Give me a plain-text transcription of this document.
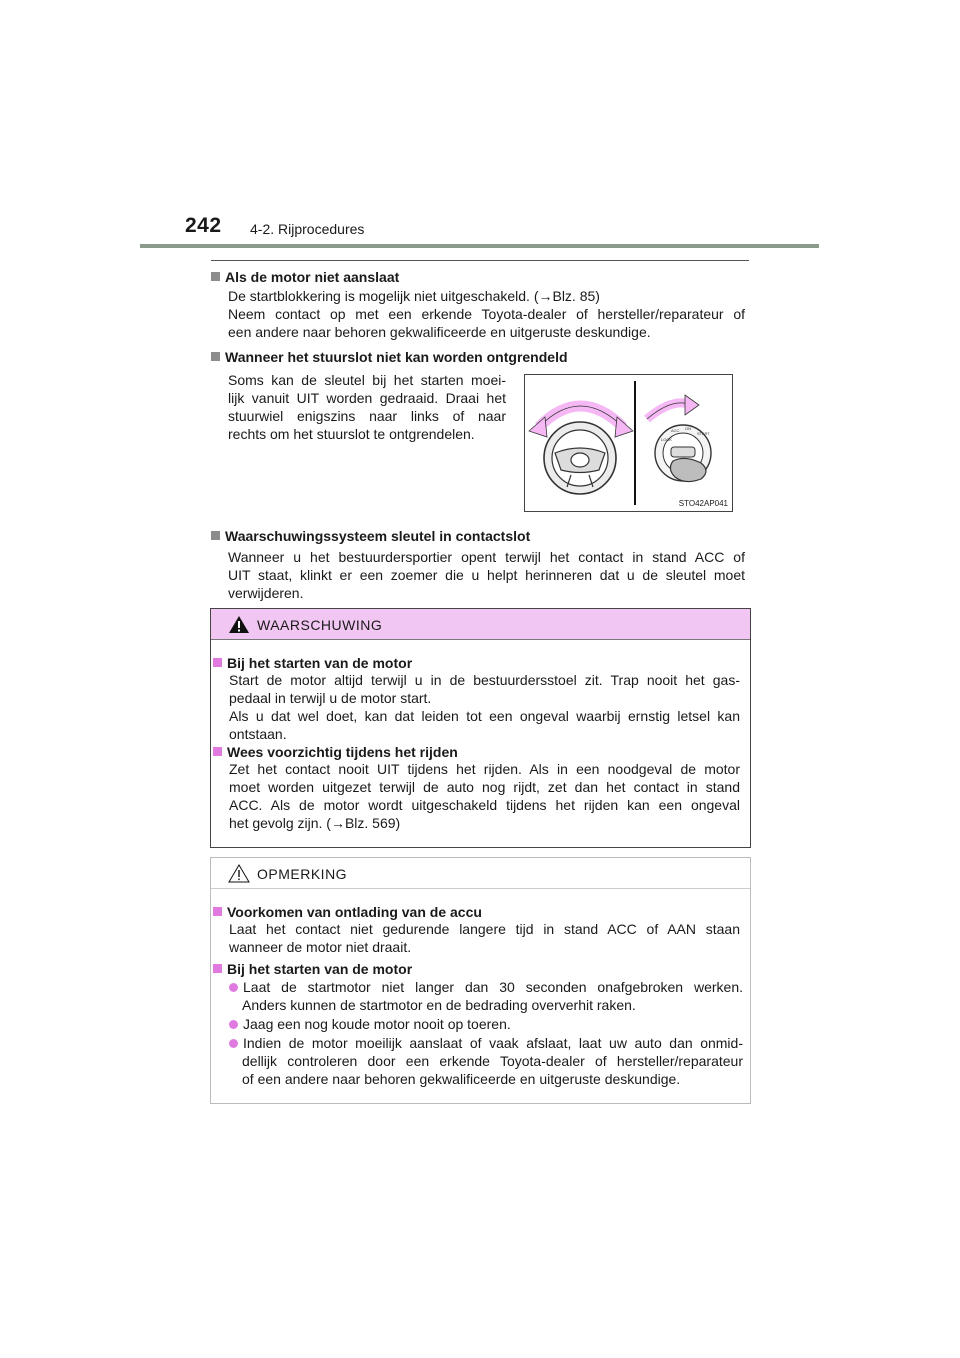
242 4-2. Rijprocedures
Als de motor niet aanslaat
De startblokkering is mogelijk niet uitgeschakeld. (→Blz. 85)
Neem contact op met een erkende Toyota-dealer of hersteller/reparateur of
een andere naar behoren gekwalificeerde en uitgeruste deskundige.
Wanneer het stuurslot niet kan worden ontgrendeld
Soms kan de sleutel bij het starten moei-
lijk vanuit UIT worden gedraaid. Draai het
stuurwiel enigszins naar links of naar
rechts om het stuurslot te ontgrendelen.	LOCK
ACC ON
START
STO42AP041
Waarschuwingssysteem sleutel in contactslot
Wanneer u het bestuurdersportier opent terwijl het contact in stand ACC of
UIT staat, klinkt er een zoemer die u helpt herinneren dat u de sleutel moet
verwijderen.
WAARSCHUWING
Bij het starten van de motor
Start de motor altijd terwijl u in de bestuurdersstoel zit. Trap nooit het gas-
pedaal in terwijl u de motor start.
Als u dat wel doet, kan dat leiden tot een ongeval waarbij ernstig letsel kan
ontstaan.
Wees voorzichtig tijdens het rijden
Zet het contact nooit UIT tijdens het rijden. Als in een noodgeval de motor
moet worden uitgezet terwijl de auto nog rijdt, zet dan het contact in stand
ACC. Als de motor wordt uitgeschakeld tijdens het rijden kan een ongeval
het gevolg zijn. (→Blz. 569)
OPMERKING
Voorkomen van ontlading van de accu
Laat het contact niet gedurende langere tijd in stand ACC of AAN staan
wanneer de motor niet draait.
Bij het starten van de motor
Laat de startmotor niet langer dan 30 seconden onafgebroken werken.
Anders kunnen de startmotor en de bedrading oververhit raken.
Jaag een nog koude motor nooit op toeren.
Indien de motor moeilijk aanslaat of vaak afslaat, laat uw auto dan onmid-
dellijk controleren door een erkende Toyota-dealer of hersteller/reparateur
of een andere naar behoren gekwalificeerde en uitgeruste deskundige.
